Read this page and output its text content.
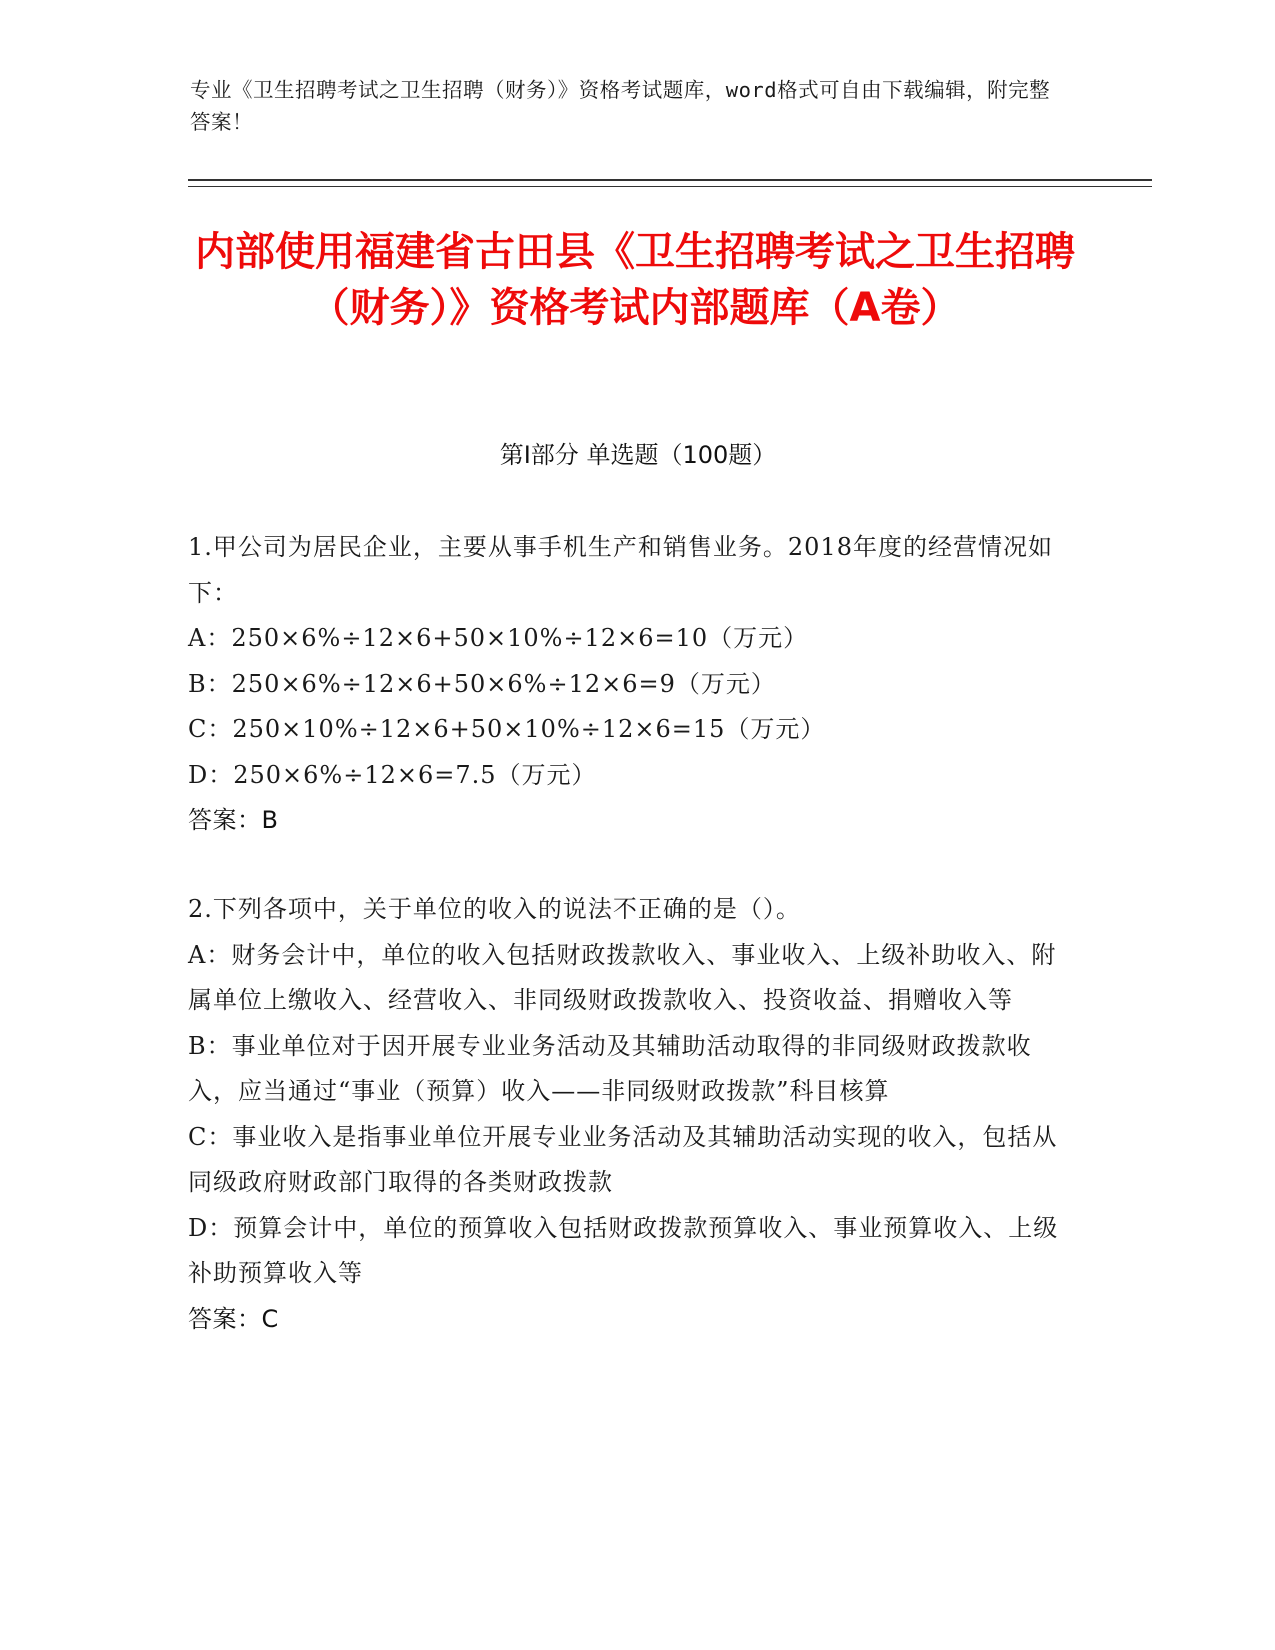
专业《卫生招聘考试之卫生招聘（财务）》资格考试题库，word格式可自由下载编辑，附完整答案！
内部使用福建省古田县《卫生招聘考试之卫生招聘（财务）》资格考试内部题库（A卷）
第I部分 单选题（100题）
1.甲公司为居民企业，主要从事手机生产和销售业务。2018年度的经营情况如下：
A：250×6%÷12×6+50×10%÷12×6=10（万元）
B：250×6%÷12×6+50×6%÷12×6=9（万元）
C：250×10%÷12×6+50×10%÷12×6=15（万元）
D：250×6%÷12×6=7.5（万元）
答案：B
2.下列各项中，关于单位的收入的说法不正确的是（）。
A：财务会计中，单位的收入包括财政拨款收入、事业收入、上级补助收入、附属单位上缴收入、经营收入、非同级财政拨款收入、投资收益、捐赠收入等
B：事业单位对于因开展专业业务活动及其辅助活动取得的非同级财政拨款收入，应当通过“事业（预算）收入——非同级财政拨款”科目核算
C：事业收入是指事业单位开展专业业务活动及其辅助活动实现的收入，包括从同级政府财政部门取得的各类财政拨款
D：预算会计中，单位的预算收入包括财政拨款预算收入、事业预算收入、上级补助预算收入等
答案：C
